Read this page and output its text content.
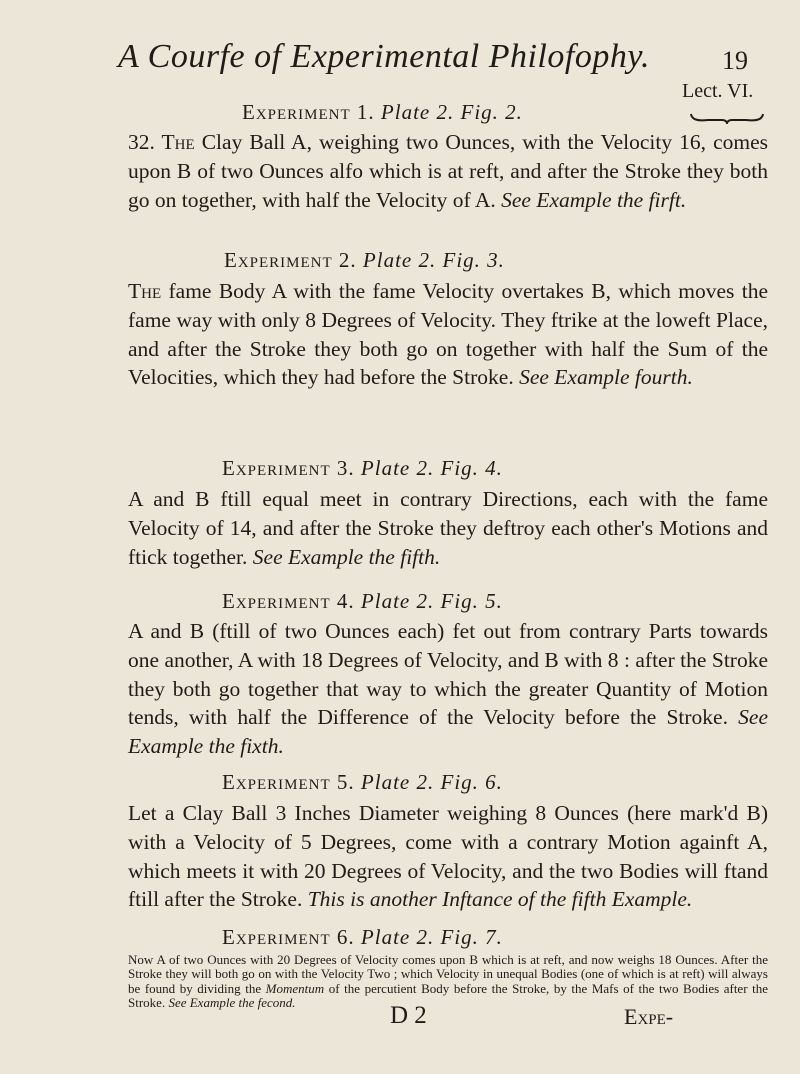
A Courfe of Experimental Philofophy.	19
Lect. VI.
Experiment 1. Plate 2. Fig. 2.

32. The Clay Ball A, weighing two Ounces, with the Velocity 16, comes upon B of two Ounces alfo which is at reft, and after the Stroke they both go on together, with half the Velocity of A. See Example the firft.

Experiment 2. Plate 2. Fig. 3.

The fame Body A with the fame Velocity overtakes B, which moves the fame way with only 8 Degrees of Velocity. They ftrike at the loweft Place, and after the Stroke they both go on together with half the Sum of the Velocities, which they had before the Stroke. See Example fourth.

Experiment 3. Plate 2. Fig. 4.

A and B ftill equal meet in contrary Directions, each with the fame Velocity of 14, and after the Stroke they deftroy each other's Motions and ftick together. See Example the fifth.

Experiment 4. Plate 2. Fig. 5.

A and B (ftill of two Ounces each) fet out from contrary Parts towards one another, A with 18 Degrees of Velocity, and B with 8 : after the Stroke they both go together that way to which the greater Quantity of Motion tends, with half the Difference of the Velocity before the Stroke. See Example the fixth.

Experiment 5. Plate 2. Fig. 6.

Let a Clay Ball 3 Inches Diameter weighing 8 Ounces (here mark'd B) with a Velocity of 5 Degrees, come with a contrary Motion againft A, which meets it with 20 Degrees of Velocity, and the two Bodies will ftand ftill after the Stroke. This is another Inftance of the fifth Example.

Experiment 6. Plate 2. Fig. 7.

Now A of two Ounces with 20 Degrees of Velocity comes upon B which is at reft, and now weighs 18 Ounces. After the Stroke they will both go on with the Velocity Two ; which Velocity in unequal Bodies (one of which is at reft) will always be found by dividing the Momentum of the percutient Body before the Stroke, by the Mafs of the two Bodies after the Stroke. See Example the fecond.	D 2	Expe-
